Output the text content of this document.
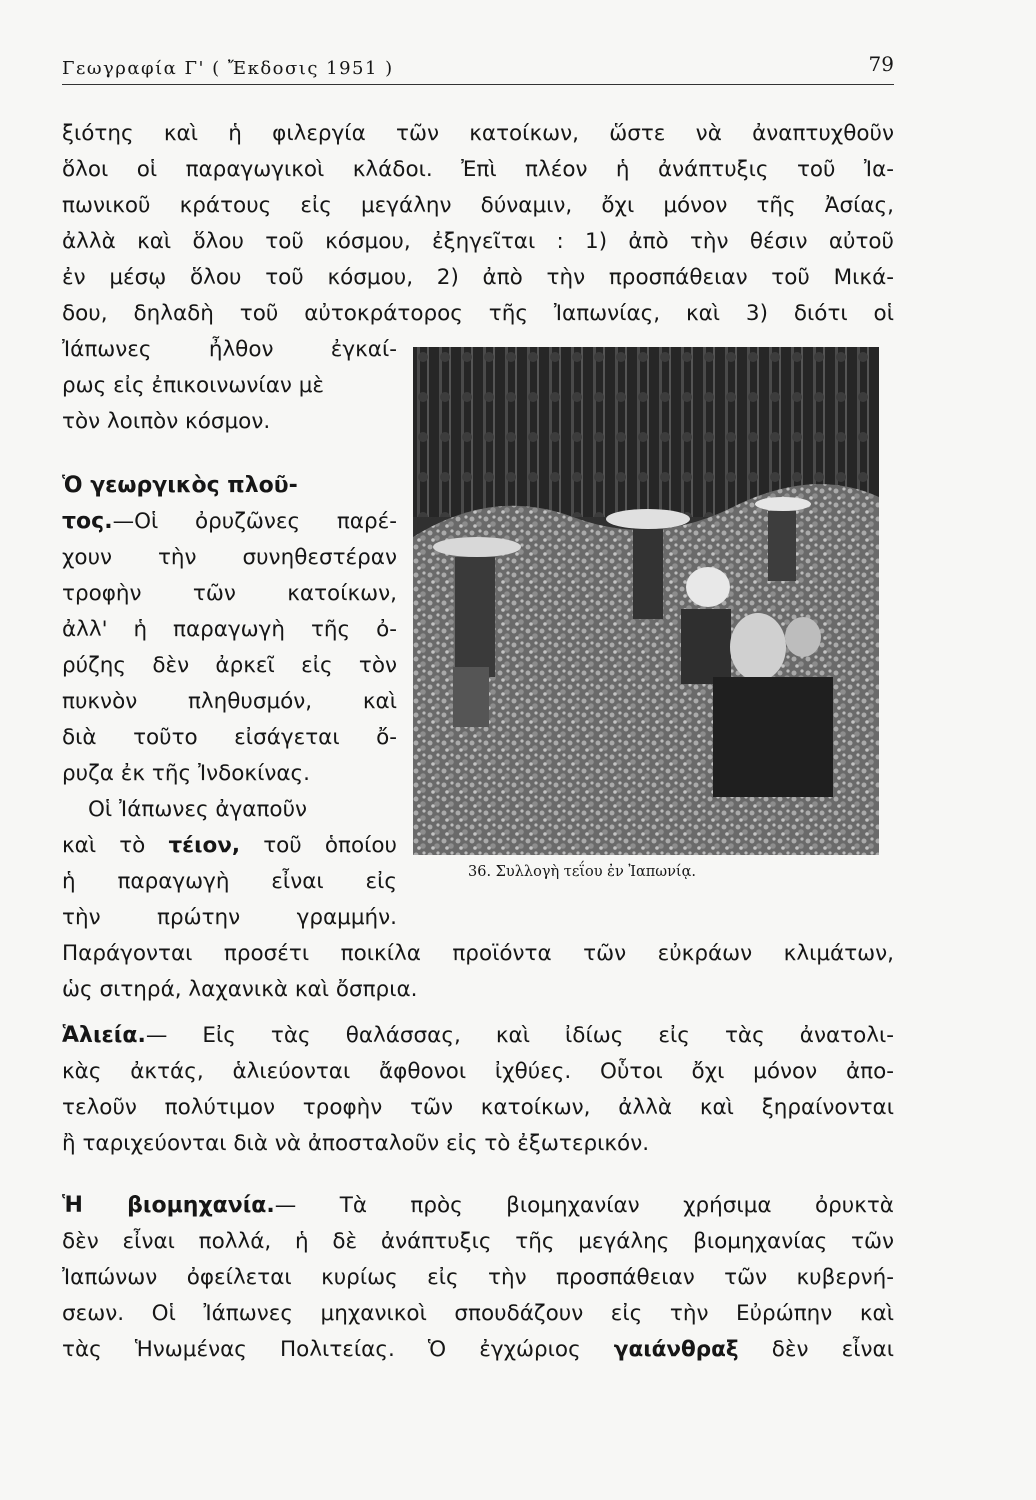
Γεωγραφία Γ' ( Ἔκδοσις 1951 )	79
ξιότης καὶ ἡ φιλεργία τῶν κατοίκων, ὥστε νὰ ἀναπτυχθοῦν
ὅλοι οἱ παραγωγικοὶ κλάδοι. Ἐπὶ πλέον ἡ ἀνάπτυξις τοῦ Ἰα-
πωνικοῦ κράτους εἰς μεγάλην δύναμιν, ὄχι μόνον τῆς Ἀσίας,
ἀλλὰ καὶ ὅλου τοῦ κόσμου, ἐξηγεῖται : 1) ἀπὸ τὴν θέσιν αὐτοῦ
ἐν μέσῳ ὅλου τοῦ κόσμου, 2) ἀπὸ τὴν προσπάθειαν τοῦ Μικά-
δου, δηλαδὴ τοῦ αὐτοκράτορος τῆς Ἰαπωνίας, καὶ 3) διότι οἱ
Ἰάπωνες ἦλθον ἐγκαί-
ρως εἰς ἐπικοινωνίαν μὲ
τὸν λοιπὸν κόσμον.
Ὁ γεωργικὸς πλοῦ-
τος.—Οἱ ὀρυζῶνες παρέ-
χουν τὴν συνηθεστέραν
τροφὴν τῶν κατοίκων,
ἀλλ' ἡ παραγωγὴ τῆς ὀ-
ρύζης δὲν ἀρκεῖ εἰς τὸν
πυκνὸν πληθυσμόν, καὶ
διὰ τοῦτο εἰσάγεται ὄ-
ρυζα ἐκ τῆς Ἰνδοκίνας.
Οἱ Ἰάπωνες ἀγαποῦν
καὶ τὸ τέιον, τοῦ ὁποίου
ἡ παραγωγὴ εἶναι εἰς
τὴν πρώτην γραμμήν.
Παράγονται προσέτι ποικίλα προϊόντα τῶν εὐκράων κλιμάτων,
ὡς σιτηρά, λαχανικὰ καὶ ὄσπρια.
36. Συλλογὴ τεΐου ἐν Ἰαπωνίᾳ.
Ἁλιεία.— Εἰς τὰς θαλάσσας, καὶ ἰδίως εἰς τὰς ἀνατολι-
κὰς ἀκτάς, ἁλιεύονται ἄφθονοι ἰχθύες. Οὗτοι ὄχι μόνον ἀπο-
τελοῦν πολύτιμον τροφὴν τῶν κατοίκων, ἀλλὰ καὶ ξηραίνονται
ἢ ταριχεύονται διὰ νὰ ἀποσταλοῦν εἰς τὸ ἐξωτερικόν.
Ἡ βιομηχανία.— Τὰ πρὸς βιομηχανίαν χρήσιμα ὀρυκτὰ
δὲν εἶναι πολλά, ἡ δὲ ἀνάπτυξις τῆς μεγάλης βιομηχανίας τῶν
Ἰαπώνων ὀφείλεται κυρίως εἰς τὴν προσπάθειαν τῶν κυβερνή-
σεων. Οἱ Ἰάπωνες μηχανικοὶ σπουδάζουν εἰς τὴν Εὐρώπην καὶ
τὰς Ἡνωμένας Πολιτείας. Ὁ ἐγχώριος γαιάνθραξ δὲν εἶναι
